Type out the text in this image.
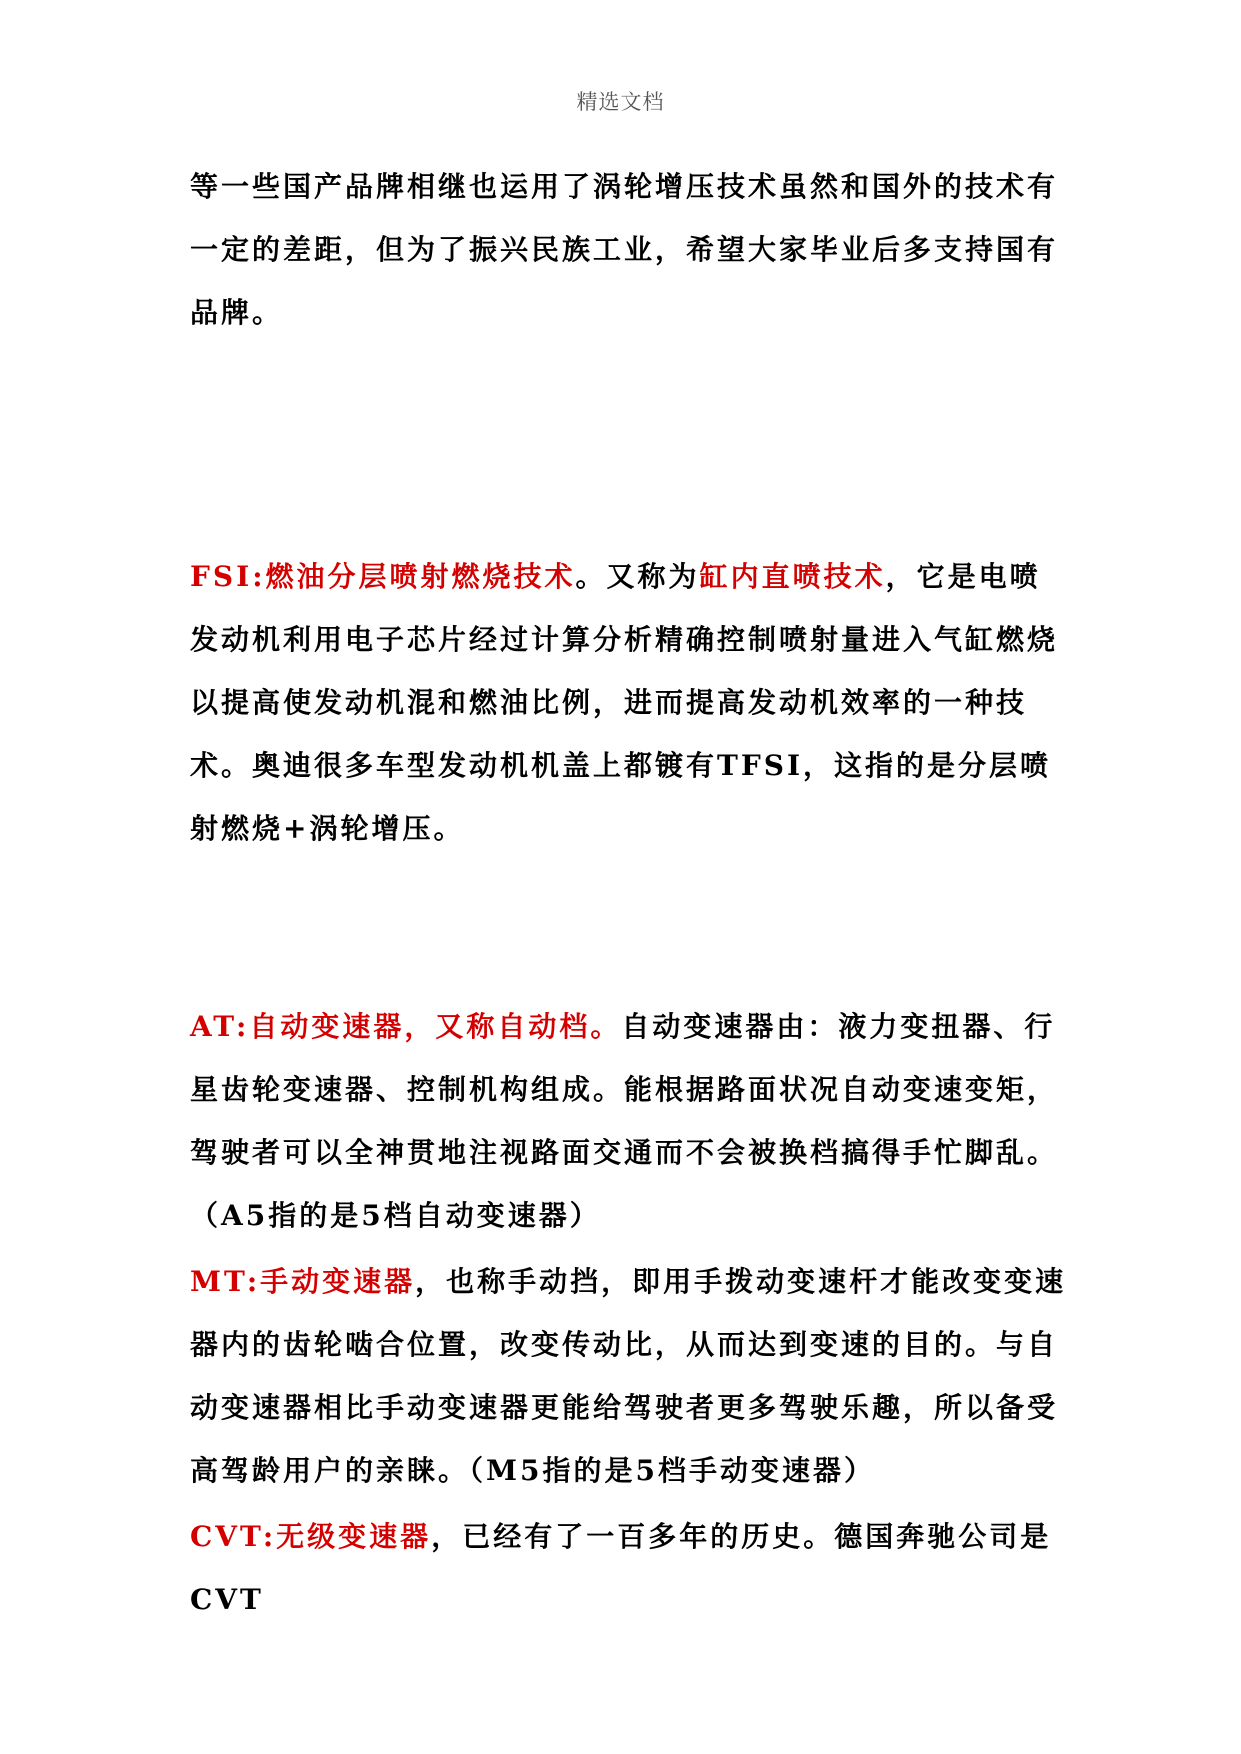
精选文档

等一些国产品牌相继也运用了涡轮增压技术虽然和国外的技术有一定的差距，但为了振兴民族工业，希望大家毕业后多支持国有品牌。

FSI:燃油分层喷射燃烧技术。又称为缸内直喷技术，它是电喷发动机利用电子芯片经过计算分析精确控制喷射量进入气缸燃烧以提高使发动机混和燃油比例，进而提高发动机效率的一种技术。奥迪很多车型发动机机盖上都镀有TFSI，这指的是分层喷射燃烧+涡轮增压。

AT:自动变速器，又称自动档。自动变速器由：液力变扭器、行星齿轮变速器、控制机构组成。能根据路面状况自动变速变矩，驾驶者可以全神贯地注视路面交通而不会被换档搞得手忙脚乱。（A5指的是5档自动变速器）

MT:手动变速器，也称手动挡，即用手拨动变速杆才能改变变速器内的齿轮啮合位置，改变传动比，从而达到变速的目的。与自动变速器相比手动变速器更能给驾驶者更多驾驶乐趣，所以备受高驾龄用户的亲睐。（M5指的是5档手动变速器）

CVT:无级变速器，已经有了一百多年的历史。德国奔驰公司是CVT
